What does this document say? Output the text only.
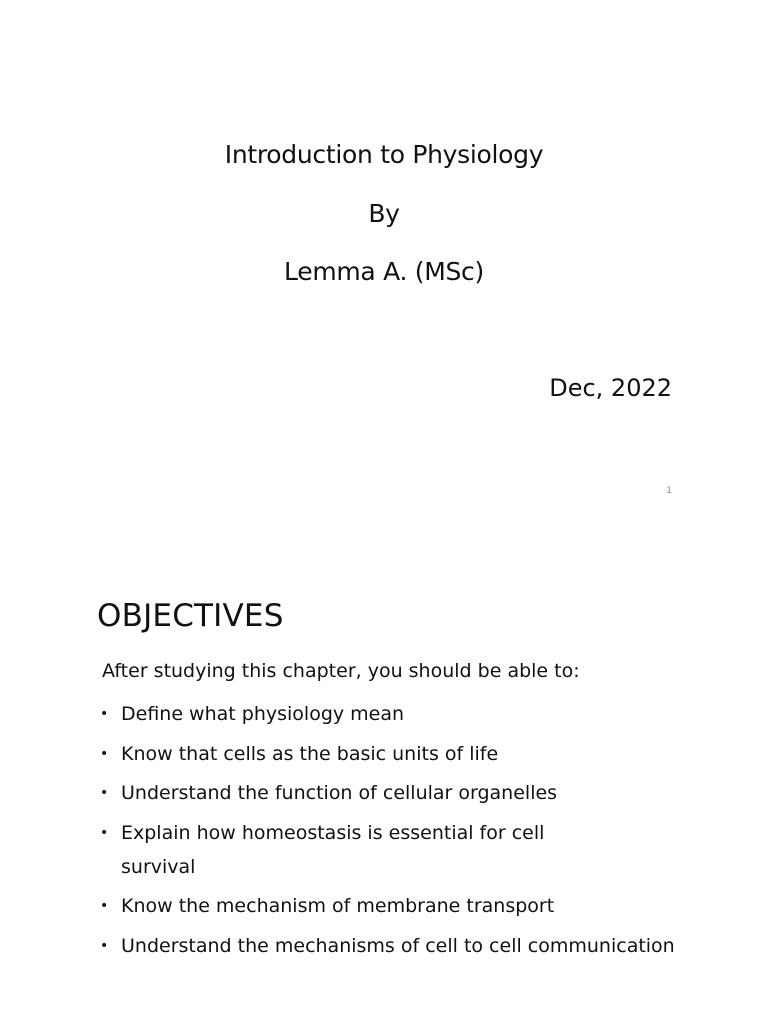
Introduction to Physiology
By
Lemma A. (MSc)
Dec, 2022
1
OBJECTIVES
After studying this chapter, you should be able to:
• Define what physiology mean
• Know that cells as the basic units of life
• Understand the function of cellular organelles
• Explain how homeostasis is essential for cell
survival
• Know the mechanism of membrane transport
• Understand the mechanisms of cell to cell communication
